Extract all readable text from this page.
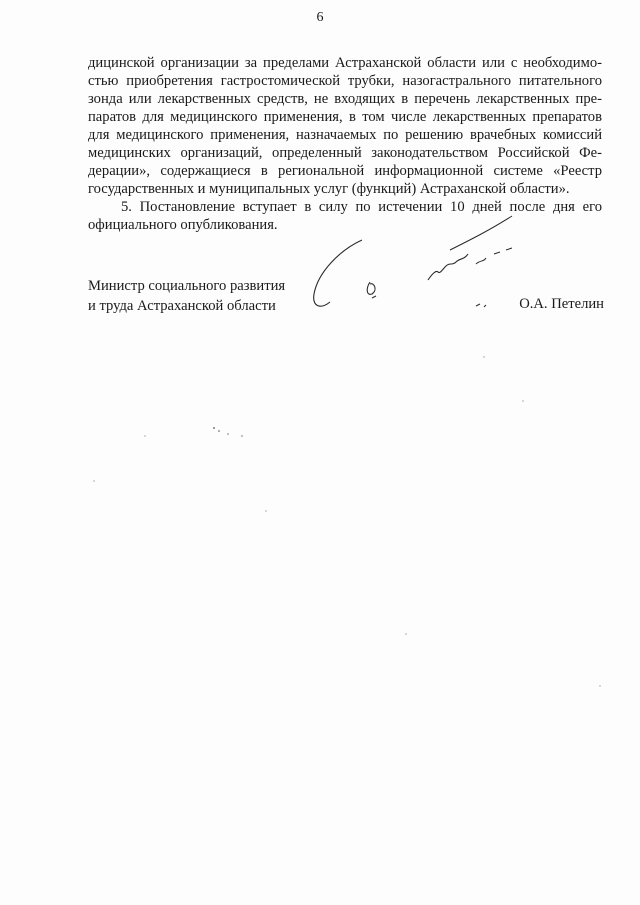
6
дицинской организации за пределами Астраханской области или с необходимо-
стью приобретения гастростомической трубки, назогастрального питательного
зонда или лекарственных средств, не входящих в перечень лекарственных пре-
паратов для медицинского применения, в том числе лекарственных препаратов
для медицинского применения, назначаемых по решению врачебных комиссий
медицинских организаций, определенный законодательством Российской Фе-
дерации», содержащиеся в региональной информационной системе «Реестр
государственных и муниципальных услуг (функций) Астраханской области».
5. Постановление вступает в силу по истечении 10 дней после дня его
официального опубликования.
Министр социального развития
и труда Астраханской области	О.А. Петелин
